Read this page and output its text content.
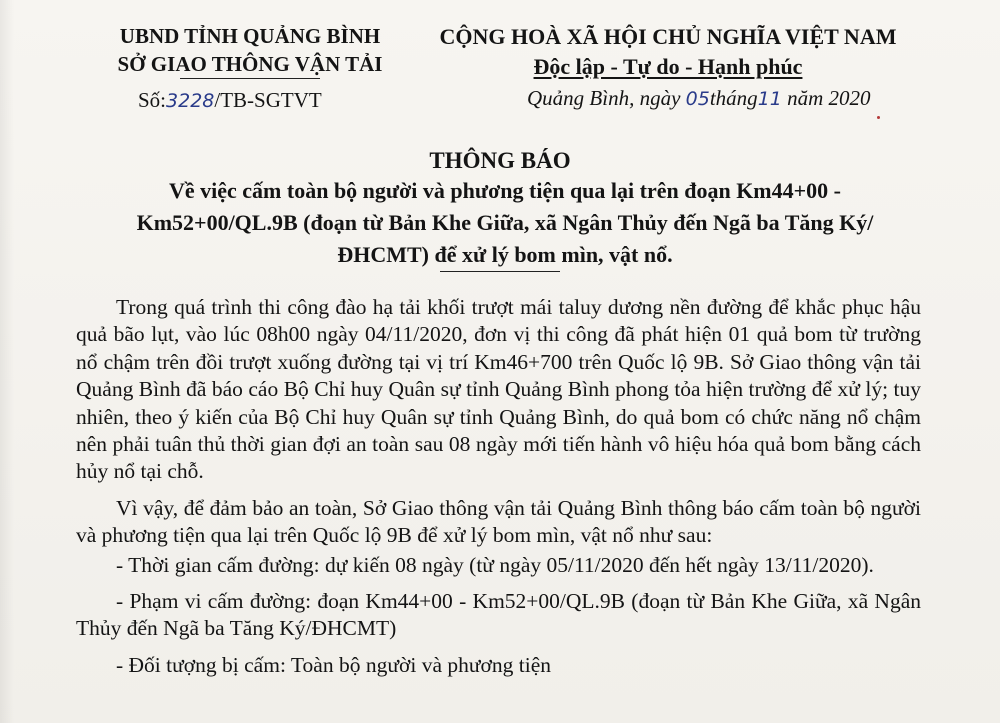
UBND TỈNH QUẢNG BÌNH
SỞ GIAO THÔNG VẬN TẢI
CỘNG HOÀ XÃ HỘI CHỦ NGHĨA VIỆT NAM
Độc lập - Tự do - Hạnh phúc
Số:3228/TB-SGTVT	Quảng Bình, ngày 05tháng11 năm 2020
THÔNG BÁO
Về việc cấm toàn bộ người và phương tiện qua lại trên đoạn Km44+00 - Km52+00/QL.9B (đoạn từ Bản Khe Giữa, xã Ngân Thủy đến Ngã ba Tăng Ký/ĐHCMT) để xử lý bom mìn, vật nổ.

Trong quá trình thi công đào hạ tải khối trượt mái taluy dương nền đường để khắc phục hậu quả bão lụt, vào lúc 08h00 ngày 04/11/2020, đơn vị thi công đã phát hiện 01 quả bom từ trường nổ chậm trên đồi trượt xuống đường tại vị trí Km46+700 trên Quốc lộ 9B. Sở Giao thông vận tải Quảng Bình đã báo cáo Bộ Chỉ huy Quân sự tỉnh Quảng Bình phong tỏa hiện trường để xử lý; tuy nhiên, theo ý kiến của Bộ Chỉ huy Quân sự tỉnh Quảng Bình, do quả bom có chức năng nổ chậm nên phải tuân thủ thời gian đợi an toàn sau 08 ngày mới tiến hành vô hiệu hóa quả bom bằng cách hủy nổ tại chỗ.

Vì vậy, để đảm bảo an toàn, Sở Giao thông vận tải Quảng Bình thông báo cấm toàn bộ người và phương tiện qua lại trên Quốc lộ 9B để xử lý bom mìn, vật nổ như sau:

- Thời gian cấm đường: dự kiến 08 ngày (từ ngày 05/11/2020 đến hết ngày 13/11/2020).

- Phạm vi cấm đường: đoạn Km44+00 - Km52+00/QL.9B (đoạn từ Bản Khe Giữa, xã Ngân Thủy đến Ngã ba Tăng Ký/ĐHCMT)

- Đối tượng bị cấm: Toàn bộ người và phương tiện
